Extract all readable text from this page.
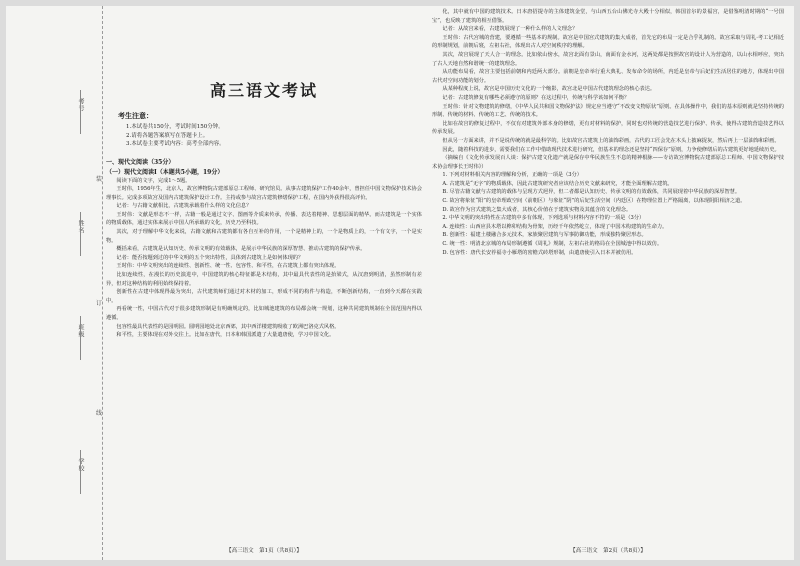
考号
姓名
班级
学校
装
订
线
高三语文考试
考生注意：
1.本试卷共150分，考试时间150分钟。
2.请将各题答案填写在答题卡上。
3.本试卷主要考试内容：高考全部内容。
一、现代文阅读（35分）
（一）现代文阅读Ⅰ（本题共5小题，19分）

阅读下面的文字，完成1～5题。

王时伟，1956年生，北京人，故宫博物院古建部原总工程师、研究馆员。从事古建筑保护工作40余年，曾担任中国文物保护技术协会理事长。完成多项故宫及国内古建筑保护设计工作。主持或参与故宫古建筑修缮保护工程，在国内外获得很高评价。

记者：与古籍文献相比，古建筑承载着什么样的文化信息？

王时伟：文献是形态不一样，古籍一般是通过文字、图画等介质来传承，传播、表达着精神、思想层面的精华。而古建筑是一个实体的物质载体，通过实体来展示中国人所承载的文化，历史乃至科技。

其次，对于理解中华文化来说，古籍文献和古建筑都有各自互补的作用，一个是精神上的，一个是物质上的，一个有文字，一个是实物。

概括来看，古建筑是认知历史、传承文明的有效载体，是展示中华民族的深厚智慧、推动古建筑的保护传承。

记者：能否按题到过的中华文明的五个突出特性，具体到古建筑上是如何体现的？

王时伟：中华文明突出的连续性、创新性、统一性、包容性、和平性，在古建筑上都有突出体现。

比如连续性，在漫长的历史演进中，中国建筑的核心特征都是木结构，其中最具代表性的是抬梁式，从汉唐到明清，虽然形制有差异，但对这种结构的利用始终保持着。

创新性在古建中体现得最为突出，古代建筑师们通过对木材的加工，形成不同的构件与构造，不断创新结构，一直到今天都在实践中。

再看统一性，中国古代对于很多建筑形制是有明确规定的，比如城池建筑的布局都会统一规划，这种共同建筑规制在全国范围内得以遵循。

包容性最具代表性的是园明园。圆明园地处北京西郊，其中西洋楼建筑吸收了欧洲巴洛克式风格。

和平性，主要体现在对外交往上。比如在唐代，日本和韩国派遣了大量遣唐使，学习中国文化。

【高三语文　第1页（共8页）】

化，其中就有中国的建筑技术。日本唐招提寺的主体建筑金堂，与山西五台山佛光寺大殿十分相似，韩国首尔的景福宫，是借鉴明清时期的“一号国宝”，也反映了建筑的相互借鉴。

记者：从故宫来看，古建筑展现了一种什么样的人文理念？

王时伟：古代宫城的营建，要遵循一些基本的规制。故宫是中国宫式建筑的集大成者，首先它的布局一定是合乎礼制的。故宫采取与周礼·考工记相近的形制规划，前朝后寝，左祖右社，体现出古人对空间秩序的理解。

其次，故宫展现了天人合一的理念。比如依山傍水，故宫北面有景山，南面有金水河，这两处都是按照故宫的设计人为营造的，以山水相呼应，突出了古人天地自然和谐统一的建筑理念。

从功能布局看，故宫主要包括前朝和内廷两大部分。前朝是皇帝举行重大典礼、发布命令的场所，内廷是皇帝与后妃们生活居住的地方，体现出中国古代对空间功能的划分。

从某种程度上说，故宫是中国历史文化的一个缩影，故宫北是中国古代建筑理念的核心表达。

记者：古建筑修复有哪些必须遵守的原则？在这过程中，传统与科学该如何平衡？

王时伟：针对文物建筑的修缮，《中华人民共和国文物保护法》规定应当遵守“不改变文物原状”原则。在具体操作中，我们的基本原则就是坚持传统的形制、传统的材料、传统的工艺、传统的技术。

比如在故宫的修复过程中，不仅有对建筑外部本身的修缮，更有对材料的保护，同时也对传统的营造技艺进行保护、传承，使得古建筑营造技艺得以传承发展。

但从另一方面来讲，并不是说传统的就是最科学的。比如故宫古建筑上的油饰彩画，古代的工匠会先在木头上披麻捉灰，然后再上一层油饰和彩画。

因此，随着科技的进步，需要我们在工作中借助现代技术进行研究，但基本的理念还是坚持“四保存”原则，力争使修缮后的古建筑更好地延续历史。

（摘编自《文化传承发展百人谈：保护古建文化遗产就是保存中华民族生生不息的精神根脉——专访故宫博物院古建部原总工程师、中国文物保护技术协会理事长王时伟》）

1. 下列对材料相关内容的理解和分析，正确的一项是（3分）

A. 古建筑是“无字”的物质载体，因此古建筑研究者应该结合历史文献来研究，才能全面理解古建筑。
B. 尽管古籍文献与古建筑的载体与呈现方式迥异，但二者都是认知历史、传承文明的有效载体，共同展现着中华民族的深厚智慧。
C. 故宫将象征“阳”的皇帝理政空间（前朝区）与象征“阴”的后妃生活空间（内廷区）在物理位置上严格隔离，以体现阴阳相济之道。
D. 故宫作为宫式建筑之集大成者，其核心价值在于建筑实物及其蕴含的文化理念。

2. 中华文明的突出特性在古建筑中多有体现，下列选项与材料内容不符的一项是（3分）

A. 连续性：山西应县木塔以榫卯结构为骨架，历经千年依然屹立，体现了中国木构建筑的生命力。
B. 创新性：福建土楼融合多元技术，家族聚居建筑与军事防御功能，形成独特聚居形态。
C. 统一性：明清北京城的布局形制遵循《周礼》规制，左祖右社的格局在全国城池中得以效仿。
D. 包容性：唐代长安荐福寺小雁塔的密檐式砖塔形制，由遣唐使引入日本并被仿用。
【高三语文　第2页（共8页）】
